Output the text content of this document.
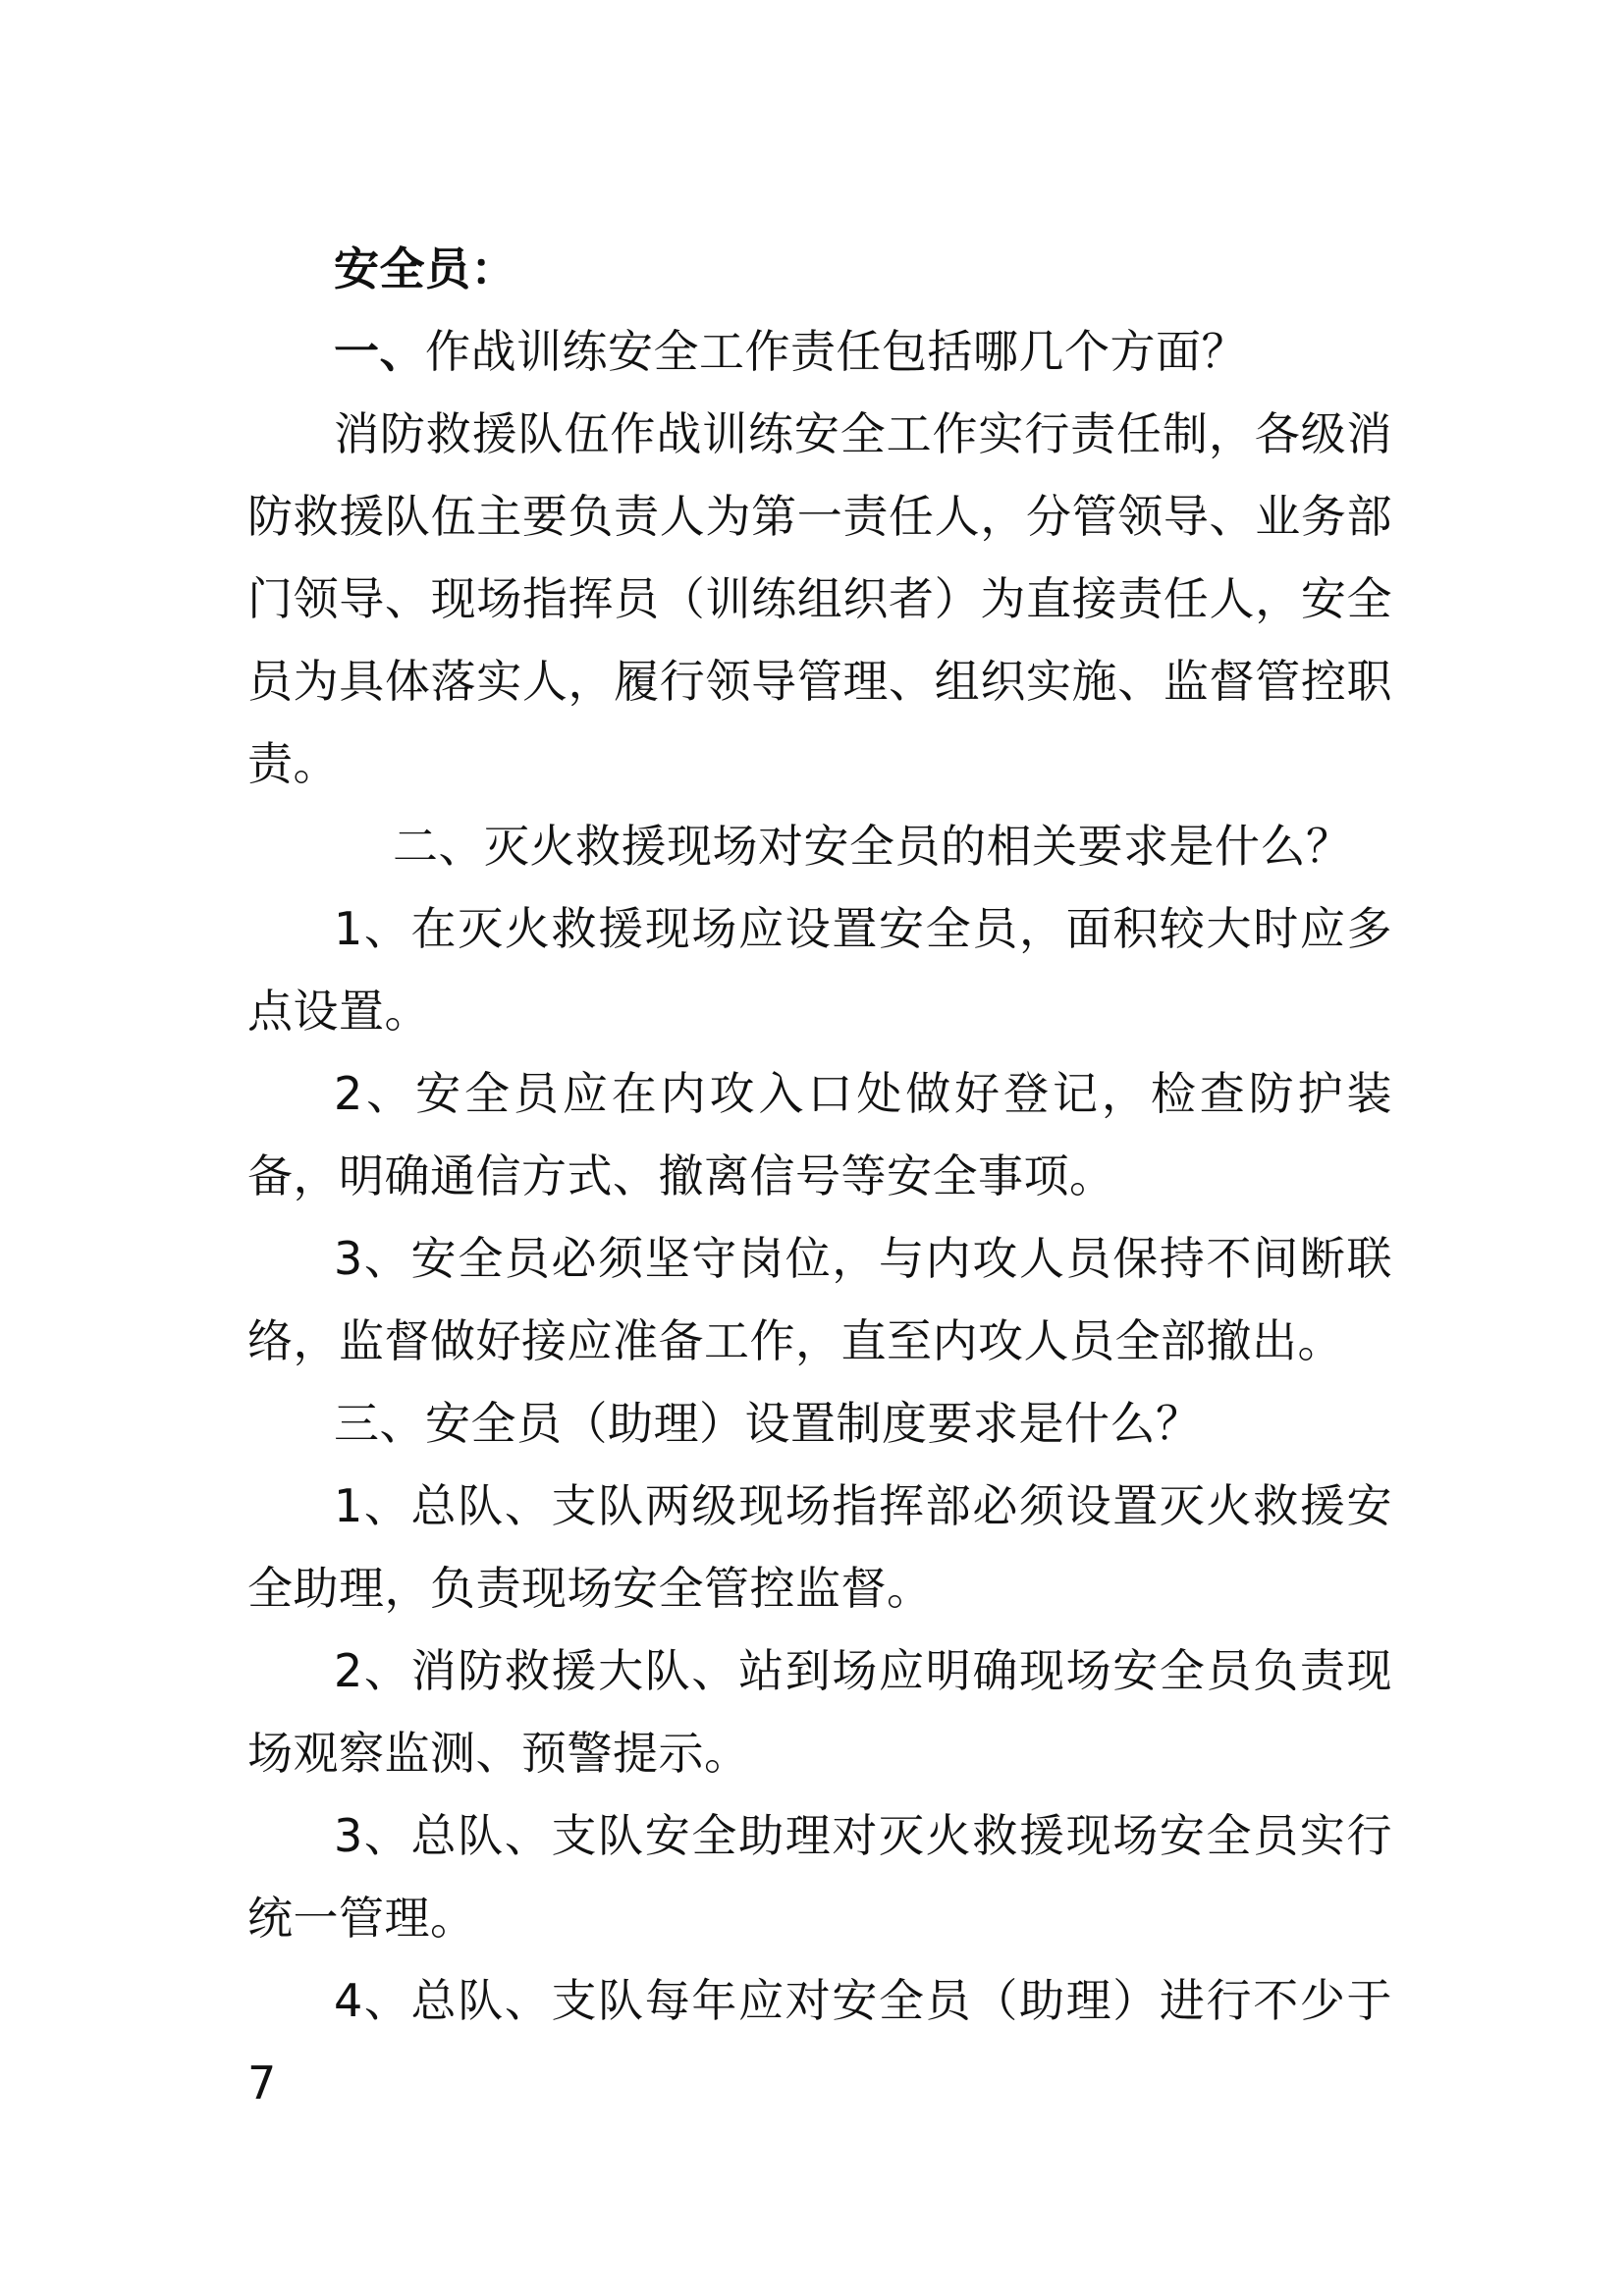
安全员：

一、作战训练安全工作责任包括哪几个方面？

消防救援队伍作战训练安全工作实行责任制，各级消防救援队伍主要负责人为第一责任人，分管领导、业务部门领导、现场指挥员（训练组织者）为直接责任人，安全员为具体落实人，履行领导管理、组织实施、监督管控职责。

二、灭火救援现场对安全员的相关要求是什么？

1、在灭火救援现场应设置安全员，面积较大时应多点设置。

2、安全员应在内攻入口处做好登记，检查防护装备，明确通信方式、撤离信号等安全事项。

3、安全员必须坚守岗位，与内攻人员保持不间断联络，监督做好接应准备工作，直至内攻人员全部撤出。

三、安全员（助理）设置制度要求是什么？

1、总队、支队两级现场指挥部必须设置灭火救援安全助理，负责现场安全管控监督。

2、消防救援大队、站到场应明确现场安全员负责现场观察监测、预警提示。

3、总队、支队安全助理对灭火救援现场安全员实行统一管理。

4、总队、支队每年应对安全员（助理）进行不少于 7
